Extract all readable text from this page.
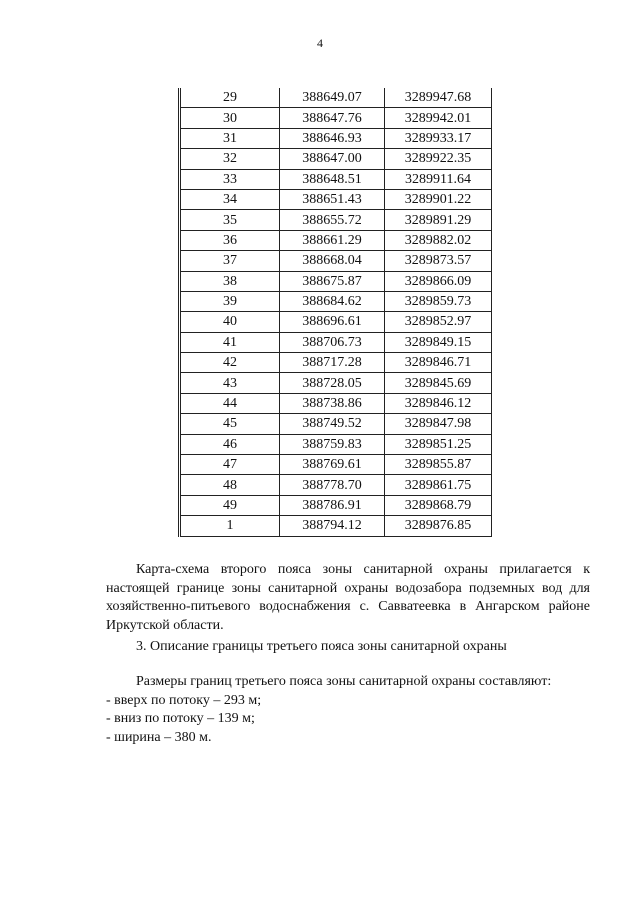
4
29	388649.07	3289947.68
30	388647.76	3289942.01
31	388646.93	3289933.17
32	388647.00	3289922.35
33	388648.51	3289911.64
34	388651.43	3289901.22
35	388655.72	3289891.29
36	388661.29	3289882.02
37	388668.04	3289873.57
38	388675.87	3289866.09
39	388684.62	3289859.73
40	388696.61	3289852.97
41	388706.73	3289849.15
42	388717.28	3289846.71
43	388728.05	3289845.69
44	388738.86	3289846.12
45	388749.52	3289847.98
46	388759.83	3289851.25
47	388769.61	3289855.87
48	388778.70	3289861.75
49	388786.91	3289868.79
1	388794.12	3289876.85
Карта-схема второго пояса зоны санитарной охраны прилагается к настоящей границе зоны санитарной охраны водозабора подземных вод для хозяйственно-питьевого водоснабжения с. Савватеевка в Ангарском районе Иркутской области.
3. Описание границы третьего пояса зоны санитарной охраны
Размеры границ третьего пояса зоны санитарной охраны составляют:
- вверх по потоку – 293 м;
- вниз по потоку – 139 м;
- ширина – 380 м.
